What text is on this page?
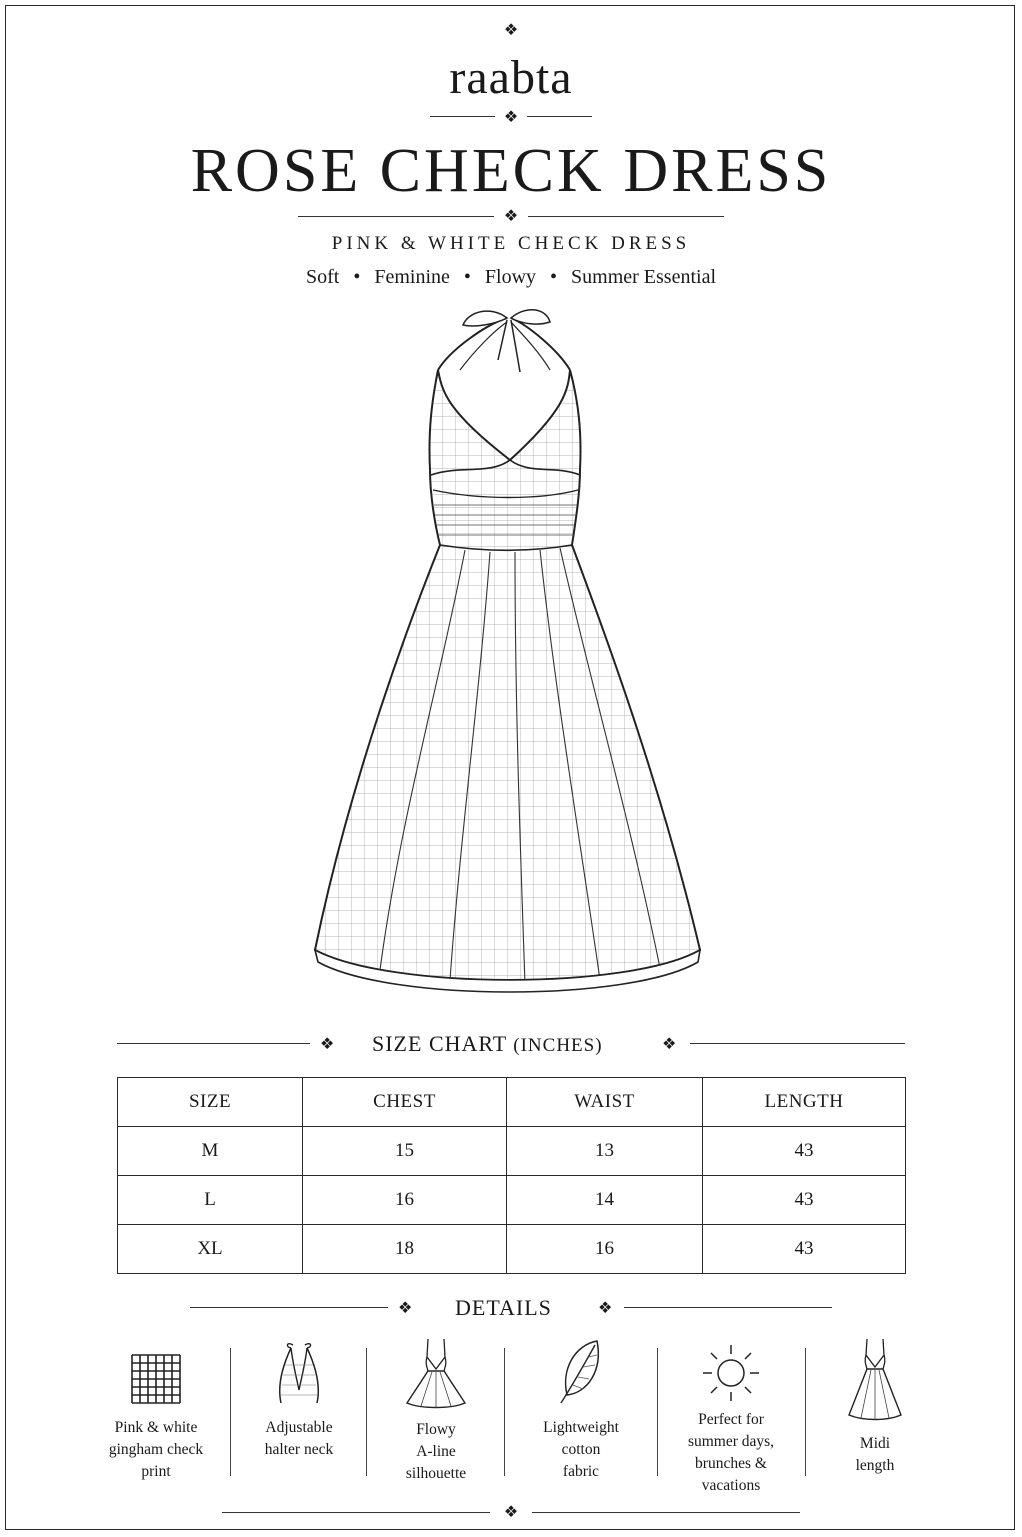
❖
raabta
❖
ROSE CHECK DRESS
❖
PINK & WHITE CHECK DRESS
Soft • Feminine • Flowy • Summer Essential
❖ SIZE CHART (INCHES)	❖
SIZE	CHEST	WAIST	LENGTH
M	15	13	43
L	16	14	43
XL	18	16	43
❖ DETAILS	❖
Pink & white
gingham check
print
Adjustable
halter neck
Flowy
A-line
silhouette
Lightweight
cotton
fabric
Perfect for
summer days,
brunches &
vacations
Midi
length
❖
